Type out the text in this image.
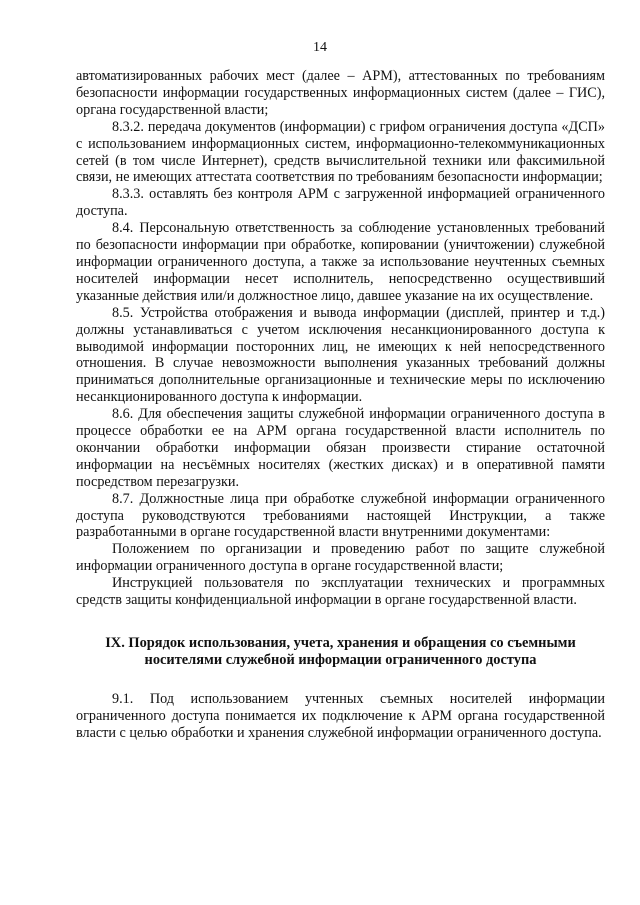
14

автоматизированных рабочих мест (далее – АРМ), аттестованных по требованиям безопасности информации государственных информационных систем (далее – ГИС), органа государственной власти;

8.3.2. передача документов (информации) с грифом ограничения доступа «ДСП» с использованием информационных систем, информационно-телекоммуникационных сетей (в том числе Интернет), средств вычислительной техники или факсимильной связи, не имеющих аттестата соответствия по требованиям безопасности информации;

8.3.3. оставлять без контроля АРМ с загруженной информацией ограниченного доступа.

8.4. Персональную ответственность за соблюдение установленных требований по безопасности информации при обработке, копировании (уничтожении) служебной информации ограниченного доступа, а также за использование неучтенных съемных носителей информации несет исполнитель, непосредственно осуществивший указанные действия или/и должностное лицо, давшее указание на их осуществление.

8.5. Устройства отображения и вывода информации (дисплей, принтер и т.д.) должны устанавливаться с учетом исключения несанкционированного доступа к выводимой информации посторонних лиц, не имеющих к ней непосредственного отношения. В случае невозможности выполнения указанных требований должны приниматься дополнительные организационные и технические меры по исключению несанкционированного доступа к информации.

8.6. Для обеспечения защиты служебной информации ограниченного доступа в процессе обработки ее на АРМ органа государственной власти исполнитель по окончании обработки информации обязан произвести стирание остаточной информации на несъёмных носителях (жестких дисках) и в оперативной памяти посредством перезагрузки.

8.7. Должностные лица при обработке служебной информации ограниченного доступа руководствуются требованиями настоящей Инструкции, а также разработанными в органе государственной власти внутренними документами:

Положением по организации и проведению работ по защите служебной информации ограниченного доступа в органе государственной власти;

Инструкцией пользователя по эксплуатации технических и программных средств защиты конфиденциальной информации в органе государственной власти.

IX. Порядок использования, учета, хранения и обращения со съемными носителями служебной информации ограниченного доступа

9.1. Под использованием учтенных съемных носителей информации ограниченного доступа понимается их подключение к АРМ органа государственной власти с целью обработки и хранения служебной информации ограниченного доступа.
